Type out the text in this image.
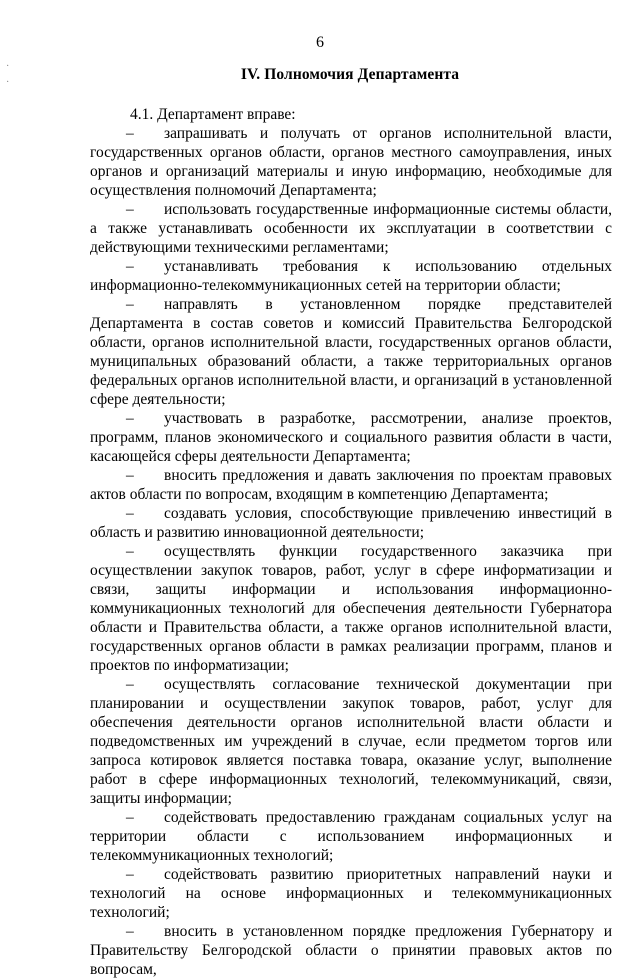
·
·
6
IV. Полномочия Департамента
4.1. Департамент вправе:

– запрашивать и получать от органов исполнительной власти, государственных органов области, органов местного самоуправления, иных органов и организаций материалы и иную информацию, необходимые для осуществления полномочий Департамента;

– использовать государственные информационные системы области, а также устанавливать особенности их эксплуатации в соответствии с действующими техническими регламентами;

– устанавливать требования к использованию отдельных информационно-телекоммуникационных сетей на территории области;

– направлять в установленном порядке представителей Департамента в состав советов и комиссий Правительства Белгородской области, органов исполнительной власти, государственных органов области, муниципальных образований области, а также территориальных органов федеральных органов исполнительной власти, и организаций в установленной сфере деятельности;

– участвовать в разработке, рассмотрении, анализе проектов, программ, планов экономического и социального развития области в части, касающейся сферы деятельности Департамента;

– вносить предложения и давать заключения по проектам правовых актов области по вопросам, входящим в компетенцию Департамента;

– создавать условия, способствующие привлечению инвестиций в область и развитию инновационной деятельности;

– осуществлять функции государственного заказчика при осуществлении закупок товаров, работ, услуг в сфере информатизации и связи, защиты информации и использования информационно-коммуникационных технологий для обеспечения деятельности Губернатора области и Правительства области, а также органов исполнительной власти, государственных органов области в рамках реализации программ, планов и проектов по информатизации;

– осуществлять согласование технической документации при планировании и осуществлении закупок товаров, работ, услуг для обеспечения деятельности органов исполнительной власти области и подведомственных им учреждений в случае, если предметом торгов или запроса котировок является поставка товара, оказание услуг, выполнение работ в сфере информационных технологий, телекоммуникаций, связи, защиты информации;

– содействовать предоставлению гражданам социальных услуг на территории области с использованием информационных и телекоммуникационных технологий;

– содействовать развитию приоритетных направлений науки и технологий на основе информационных и телекоммуникационных технологий;

– вносить в установленном порядке предложения Губернатору и Правительству Белгородской области о принятии правовых актов по вопросам,
